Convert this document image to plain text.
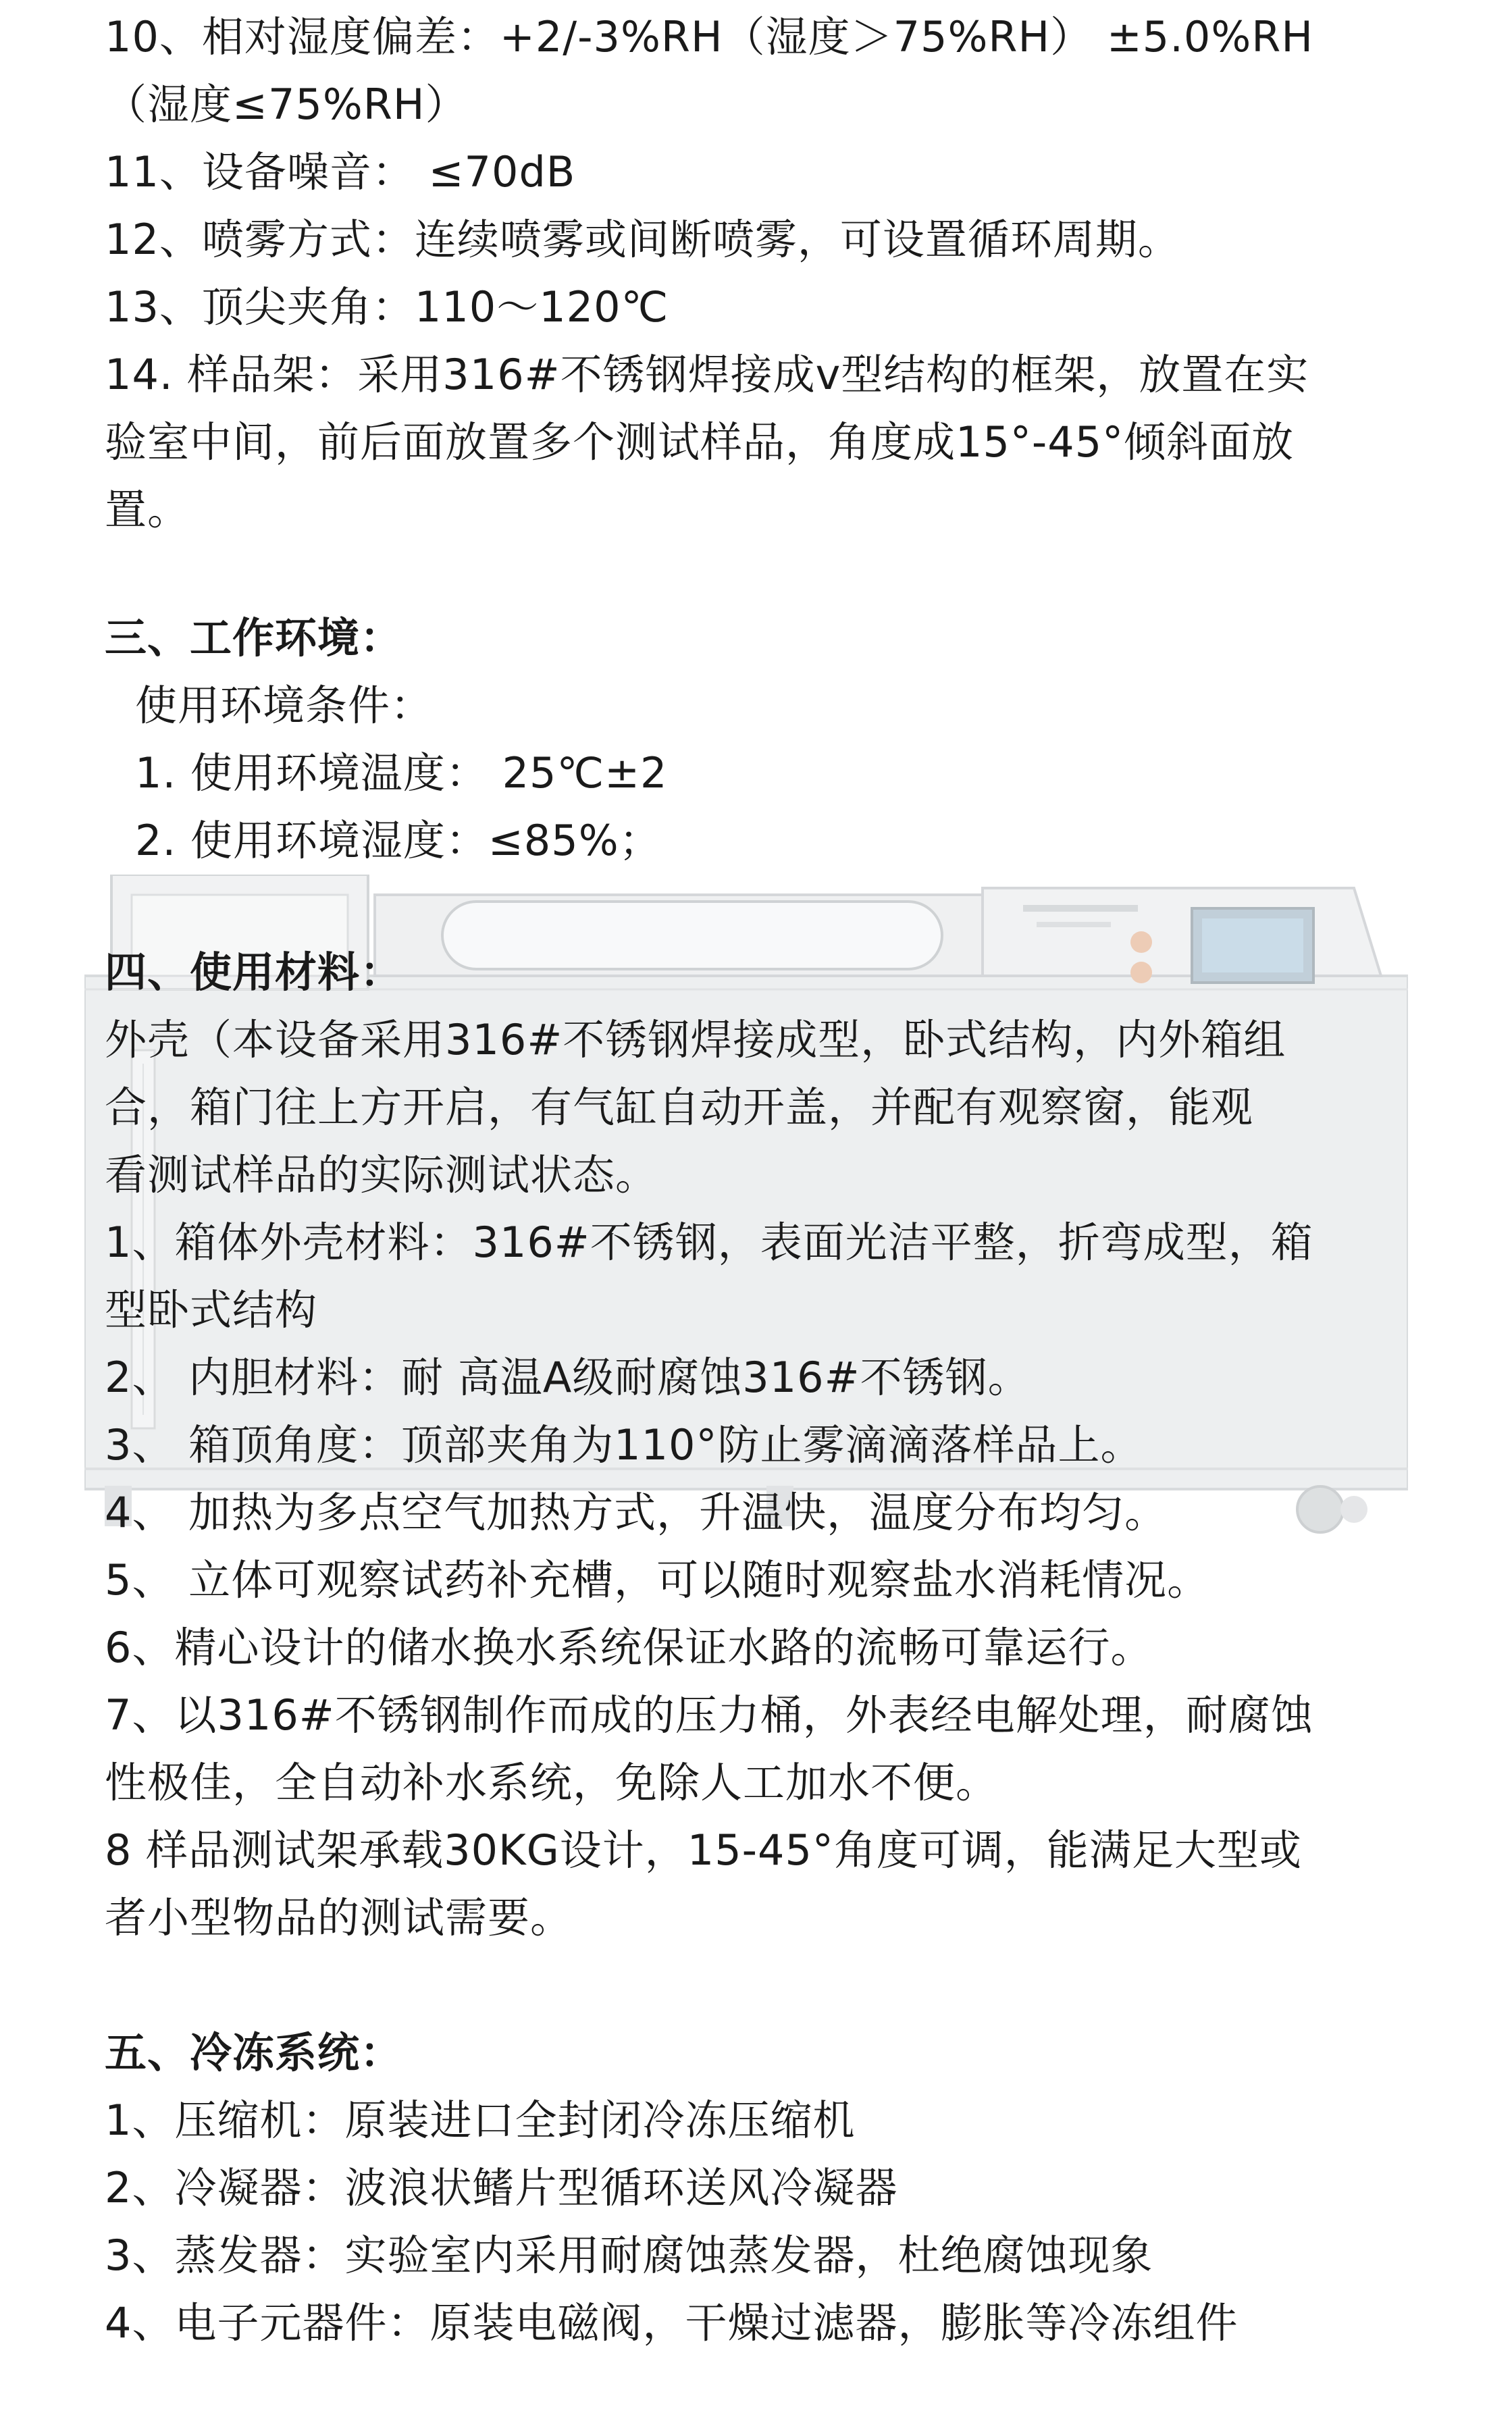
10、相对湿度偏差：+2/-3%RH（湿度＞75%RH） ±5.0%RH
（湿度≤75%RH）
11、设备噪音： ≤70dB
12、喷雾方式：连续喷雾或间断喷雾，可设置循环周期。
13、顶尖夹角：110～120℃
14. 样品架：采用316#不锈钢焊接成v型结构的框架，放置在实
验室中间，前后面放置多个测试样品，角度成15°-45°倾斜面放
置。
三、工作环境：
使用环境条件：
1. 使用环境温度： 25℃±2
2. 使用环境湿度：≤85%；
四、使用材料：
外壳（本设备采用316#不锈钢焊接成型，卧式结构，内外箱组
合，箱门往上方开启，有气缸自动开盖，并配有观察窗，能观
看测试样品的实际测试状态。
1、箱体外壳材料：316#不锈钢，表面光洁平整，折弯成型，箱
型卧式结构
2、 内胆材料：耐 高温A级耐腐蚀316#不锈钢。
3、 箱顶角度：顶部夹角为110°防止雾滴滴落样品上。
4、 加热为多点空气加热方式，升温快，温度分布均匀。
5、 立体可观察试药补充槽，可以随时观察盐水消耗情况。
6、精心设计的储水换水系统保证水路的流畅可靠运行。
7、以316#不锈钢制作而成的压力桶，外表经电解处理，耐腐蚀
性极佳，全自动补水系统，免除人工加水不便。
8 样品测试架承载30KG设计，15-45°角度可调，能满足大型或
者小型物品的测试需要。
五、冷冻系统：
1、压缩机：原装进口全封闭冷冻压缩机
2、冷凝器：波浪状鳍片型循环送风冷凝器
3、蒸发器：实验室内采用耐腐蚀蒸发器，杜绝腐蚀现象
4、电子元器件：原装电磁阀，干燥过滤器，膨胀等冷冻组件
